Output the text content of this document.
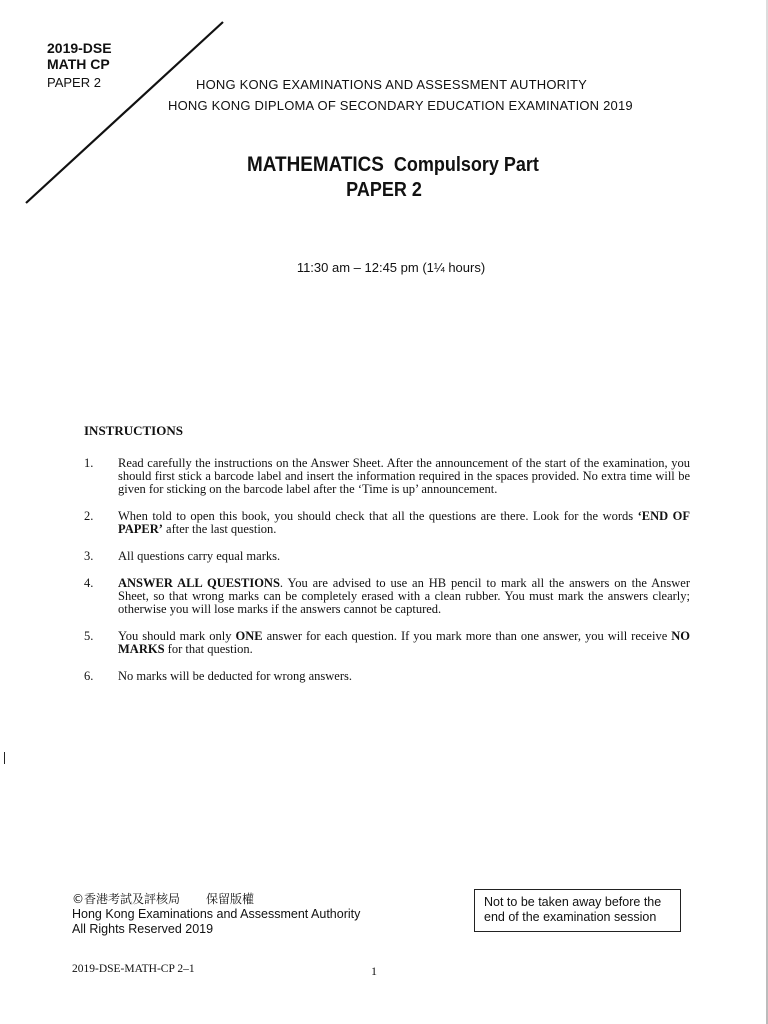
2019-DSE
MATH CP
PAPER 2	HONG KONG EXAMINATIONS AND ASSESSMENT AUTHORITY
HONG KONG DIPLOMA OF SECONDARY EDUCATION EXAMINATION 2019
MATHEMATICS Compulsory Part
PAPER 2
11:30 am – 12:45 pm (1¼ hours)
INSTRUCTIONS
1. Read carefully the instructions on the Answer Sheet. After the announcement of the start of the examination, you should first stick a barcode label and insert the information required in the spaces provided. No extra time will be given for sticking on the barcode label after the ‘Time is up’ announcement.
2. When told to open this book, you should check that all the questions are there. Look for the words ‘END OF PAPER’ after the last question.
3. All questions carry equal marks.
4. ANSWER ALL QUESTIONS. You are advised to use an HB pencil to mark all the answers on the Answer Sheet, so that wrong marks can be completely erased with a clean rubber. You must mark the answers clearly; otherwise you will lose marks if the answers cannot be captured.
5. You should mark only ONE answer for each question. If you mark more than one answer, you will receive NO MARKS for that question.
6. No marks will be deducted for wrong answers.
©香港考試及評核局 保留版權
Hong Kong Examinations and Assessment Authority
All Rights Reserved 2019
Not to be taken away before the end of the examination session
2019-DSE-MATH-CP 2–1	1
